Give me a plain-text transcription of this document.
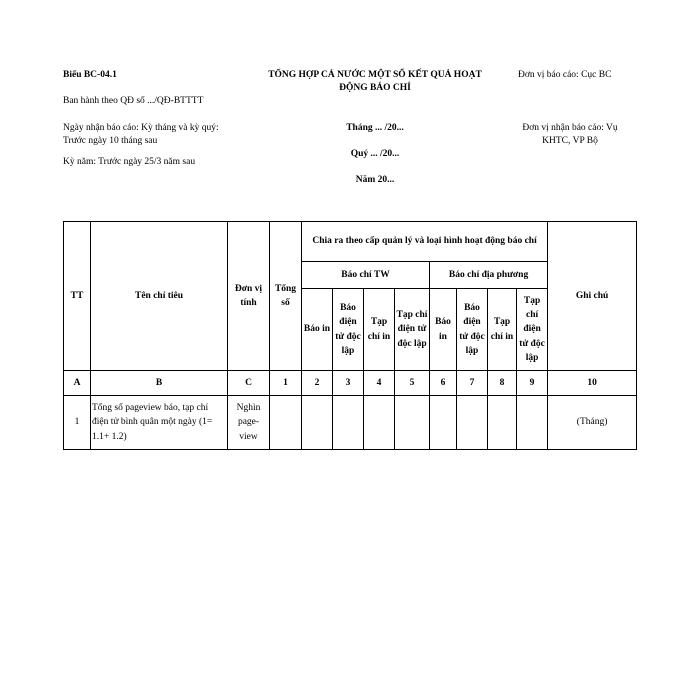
Biểu BC-04.1
Ban hành theo QĐ số .../QĐ-BTTTT
TỔNG HỢP CẢ NƯỚC MỘT SỐ KẾT QUẢ HOẠT
ĐỘNG BÁO CHÍ
Đơn vị báo cáo: Cục BC
Ngày nhận báo cáo: Kỳ tháng và kỳ quý:
Trước ngày 10 tháng sau
Kỳ năm: Trước ngày 25/3 năm sau
Tháng ... /20...
Quý ... /20...
Năm 20...
Đơn vị nhận báo cáo: Vụ
KHTC, VP Bộ
TT	Tên chỉ tiêu	Đơn vị tính	Tổng số	Chia ra theo cấp quản lý và loại hình hoạt động báo chí								Ghi chú
				Báo chí TW				Báo chí địa phương				
				Báo in	Báo điện tử độc lập	Tạp chí in	Tạp chí điện tử độc lập	Báo in	Báo điện tử độc lập	Tạp chí in	Tạp chí điện tử độc lập	
A	B	C	1	2	3	4	5	6	7	8	9	10
1	Tổng số pageview báo, tạp chí điện tử bình quân một ngày (1= 1.1+ 1.2)	Nghìn page-view										(Tháng)
